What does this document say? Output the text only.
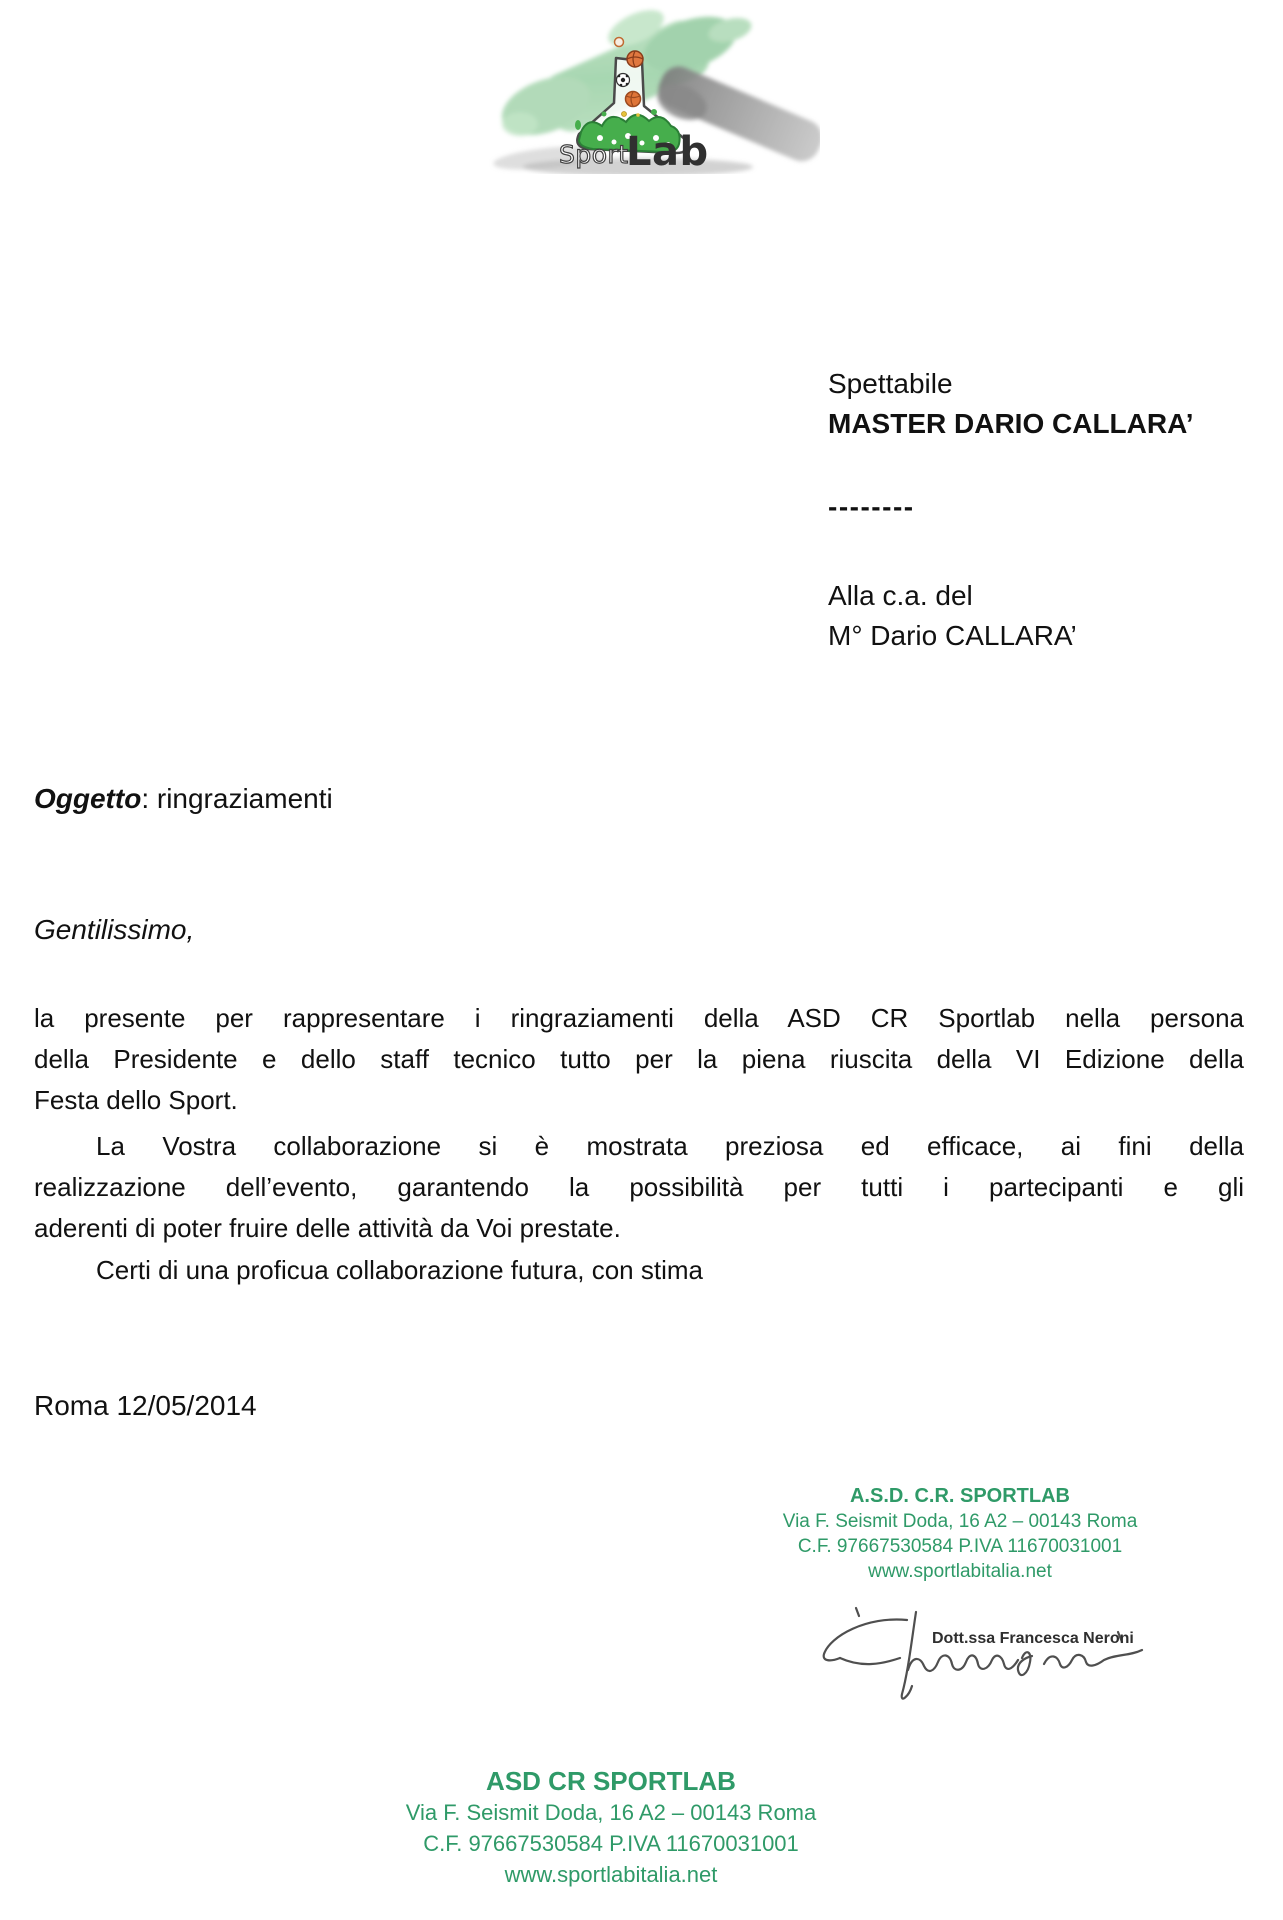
Sport
Lab
Spettabile
MASTER DARIO CALLARA’
--------
Alla c.a. del
M° Dario CALLARA’
Oggetto: ringraziamenti
Gentilissimo,
la presente per rappresentare i ringraziamenti della ASD CR Sportlab nella persona
della Presidente e dello staff tecnico tutto per la piena riuscita della VI Edizione della
Festa dello Sport.
La Vostra collaborazione si è mostrata preziosa ed efficace, ai fini della
realizzazione dell’evento, garantendo la possibilità per tutti i partecipanti e gli
aderenti di poter fruire delle attività da Voi prestate.
Certi di una proficua collaborazione futura, con stima
Roma 12/05/2014
A.S.D. C.R. SPORTLAB
Via F. Seismit Doda, 16 A2 – 00143 Roma
C.F. 97667530584 P.IVA 11670031001
www.sportlabitalia.net
Dott.ssa Francesca Neroni
ASD CR SPORTLAB
Via F. Seismit Doda, 16 A2 – 00143 Roma
C.F. 97667530584 P.IVA 11670031001
www.sportlabitalia.net
